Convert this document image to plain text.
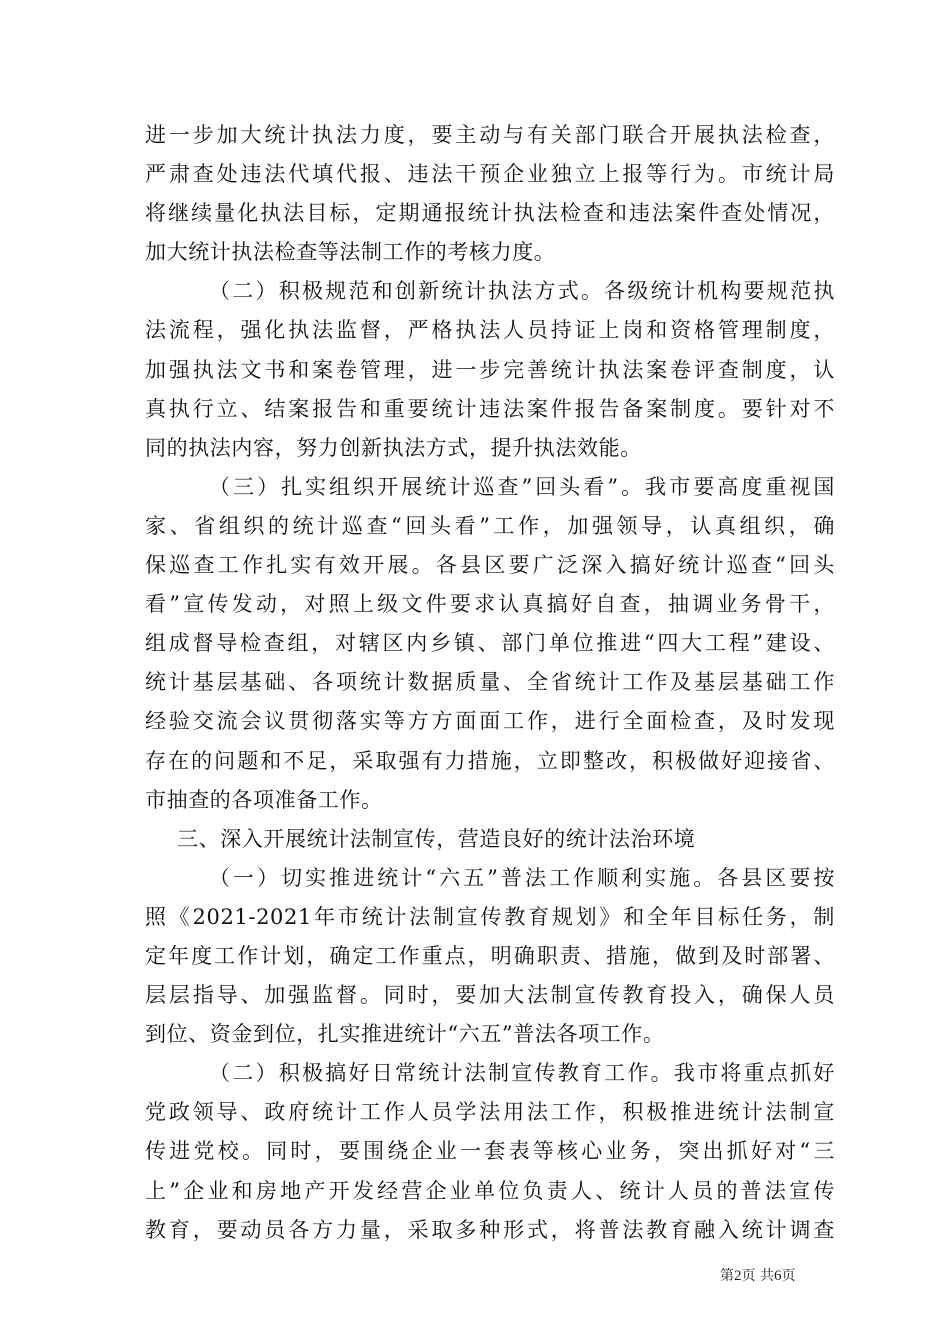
进一步加大统计执法力度，要主动与有关部门联合开展执法检查，
严肃查处违法代填代报、违法干预企业独立上报等行为。市统计局
将继续量化执法目标，定期通报统计执法检查和违法案件查处情况，
加大统计执法检查等法制工作的考核力度。
（二）积极规范和创新统计执法方式。各级统计机构要规范执
法流程，强化执法监督，严格执法人员持证上岗和资格管理制度，
加强执法文书和案卷管理，进一步完善统计执法案卷评查制度，认
真执行立、结案报告和重要统计违法案件报告备案制度。要针对不
同的执法内容，努力创新执法方式，提升执法效能。
（三）扎实组织开展统计巡查”回头看”。我市要高度重视国
家、省组织的统计巡查“回头看”工作，加强领导，认真组织，确
保巡查工作扎实有效开展。各县区要广泛深入搞好统计巡查“回头
看”宣传发动，对照上级文件要求认真搞好自查，抽调业务骨干，
组成督导检查组，对辖区内乡镇、部门单位推进“四大工程”建设、
统计基层基础、各项统计数据质量、全省统计工作及基层基础工作
经验交流会议贯彻落实等方方面面工作，进行全面检查，及时发现
存在的问题和不足，采取强有力措施，立即整改，积极做好迎接省、
市抽查的各项准备工作。
三、深入开展统计法制宣传，营造良好的统计法治环境
（一）切实推进统计“六五”普法工作顺利实施。各县区要按
照《2021-2021年市统计法制宣传教育规划》和全年目标任务，制
定年度工作计划，确定工作重点，明确职责、措施，做到及时部署、
层层指导、加强监督。同时，要加大法制宣传教育投入，确保人员
到位、资金到位，扎实推进统计“六五”普法各项工作。
（二）积极搞好日常统计法制宣传教育工作。我市将重点抓好
党政领导、政府统计工作人员学法用法工作，积极推进统计法制宣
传进党校。同时，要围绕企业一套表等核心业务，突出抓好对“三
上”企业和房地产开发经营企业单位负责人、统计人员的普法宣传
教育，要动员各方力量，采取多种形式，将普法教育融入统计调查
第2页 共6页
